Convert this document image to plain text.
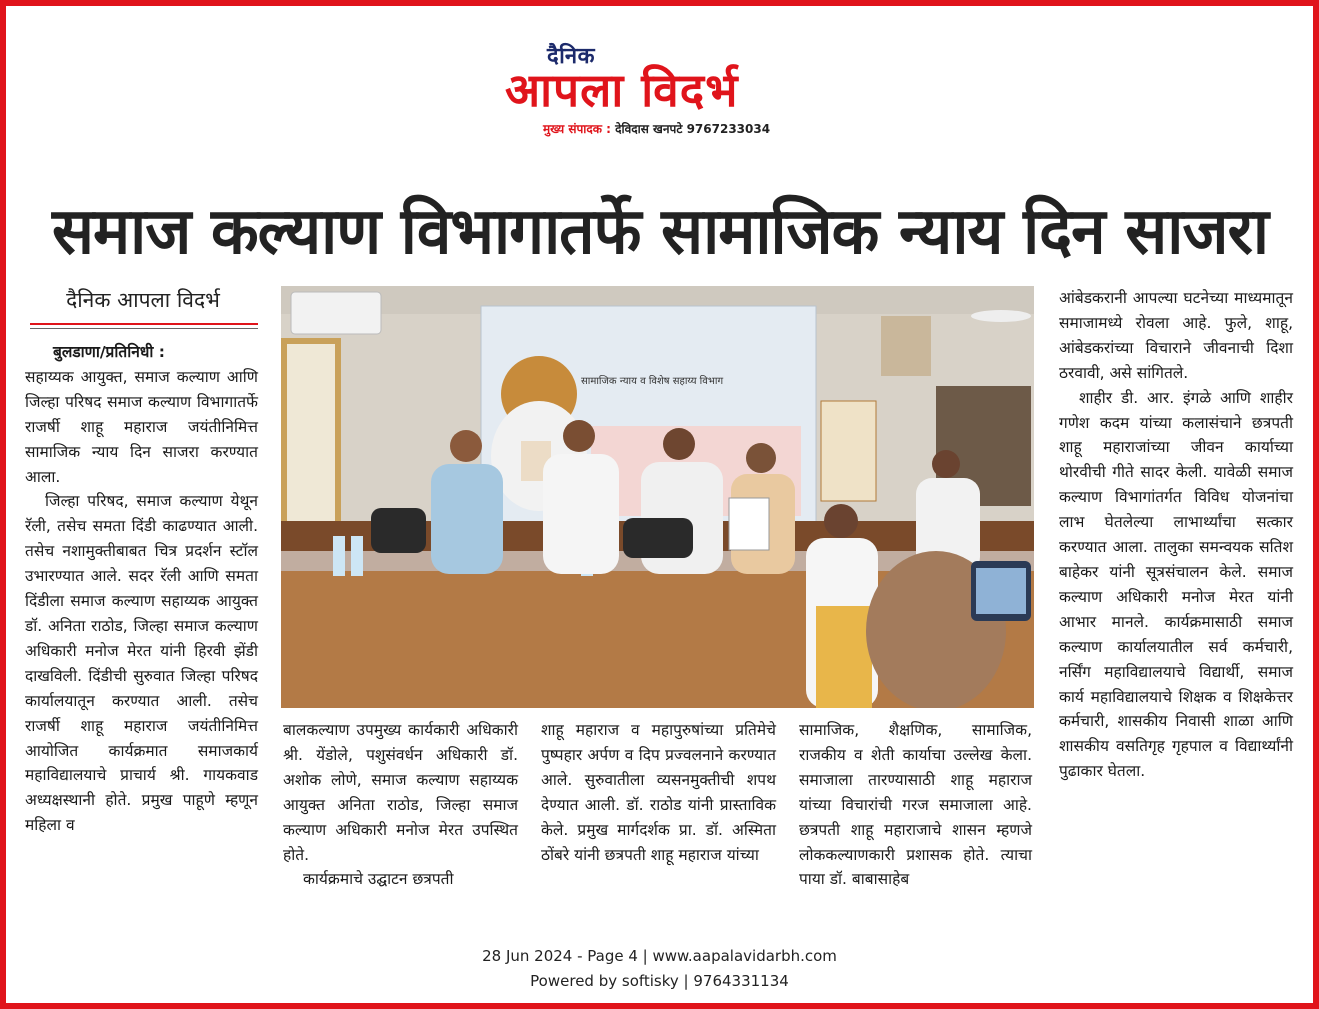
दैनिक
आपला विदर्भ
मुख्य संपादक : देविदास खनपटे 9767233034
समाज कल्याण विभागातर्फे सामाजिक न्याय दिन साजरा
दैनिक आपला विदर्भ

बुलडाणा/प्रतिनिधी :

सहाय्यक आयुक्त, समाज कल्याण आणि जिल्हा परिषद समाज कल्याण विभागातर्फे राजर्षी शाहू महाराज जयंतीनिमित्त सामाजिक न्याय दिन साजरा करण्यात आला.

जिल्हा परिषद, समाज कल्याण येथून रॅली, तसेच समता दिंडी काढण्यात आली. तसेच नशामुक्तीबाबत चित्र प्रदर्शन स्टॉल उभारण्यात आले. सदर रॅली आणि समता दिंडीला समाज कल्याण सहाय्यक आयुक्त डॉ. अनिता राठोड, जिल्हा समाज कल्याण अधिकारी मनोज मेरत यांनी हिरवी झेंडी दाखविली. दिंडीची सुरुवात जिल्हा परिषद कार्यालयातून करण्यात आली. तसेच राजर्षी शाहू महाराज जयंतीनिमित्त आयोजित कार्यक्रमात समाजकार्य महाविद्यालयाचे प्राचार्य श्री. गायकवाड अध्यक्षस्थानी होते. प्रमुख पाहूणे म्हणून महिला व

सामाजिक न्याय व विशेष सहाय्य विभाग

बालकल्याण उपमुख्य कार्यकारी अधिकारी श्री. येंडोले, पशुसंवर्धन अधिकारी डॉ. अशोक लोणे, समाज कल्याण सहाय्यक आयुक्त अनिता राठोड, जिल्हा समाज कल्याण अधिकारी मनोज मेरत उपस्थित होते.

कार्यक्रमाचे उद्घाटन छत्रपती

शाहू महाराज व महापुरुषांच्या प्रतिमेचे पुष्पहार अर्पण व दिप प्रज्वलनाने करण्यात आले. सुरुवातीला व्यसनमुक्तीची शपथ देण्यात आली. डॉ. राठोड यांनी प्रास्ताविक केले. प्रमुख मार्गदर्शक प्रा. डॉ. अस्मिता ठोंबरे यांनी छत्रपती शाहू महाराज यांच्या

सामाजिक, शैक्षणिक, सामाजिक, राजकीय व शेती कार्याचा उल्लेख केला. समाजाला तारण्यासाठी शाहू महाराज यांच्या विचारांची गरज समाजाला आहे. छत्रपती शाहू महाराजाचे शासन म्हणजे लोककल्याणकारी प्रशासक होते. त्याचा पाया डॉ. बाबासाहेब

आंबेडकरानी आपल्या घटनेच्या माध्यमातून समाजामध्ये रोवला आहे. फुले, शाहू, आंबेडकरांच्या विचाराने जीवनाची दिशा ठरवावी, असे सांगितले.

शाहीर डी. आर. इंगळे आणि शाहीर गणेश कदम यांच्या कलासंचाने छत्रपती शाहू महाराजांच्या जीवन कार्याच्या थोरवीची गीते सादर केली. यावेळी समाज कल्याण विभागांतर्गत विविध योजनांचा लाभ घेतलेल्या लाभार्थ्यांचा सत्कार करण्यात आला. तालुका समन्वयक सतिश बाहेकर यांनी सूत्रसंचालन केले. समाज कल्याण अधिकारी मनोज मेरत यांनी आभार मानले. कार्यक्रमासाठी समाज कल्याण कार्यालयातील सर्व कर्मचारी, नर्सिंग महाविद्यालयाचे विद्यार्थी, समाज कार्य महाविद्यालयाचे शिक्षक व शिक्षकेत्तर कर्मचारी, शासकीय निवासी शाळा आणि शासकीय वसतिगृह गृहपाल व विद्यार्थ्यांनी पुढाकार घेतला.

28 Jun 2024 - Page 4 | www.aapalavidarbh.com
Powered by softisky | 9764331134
